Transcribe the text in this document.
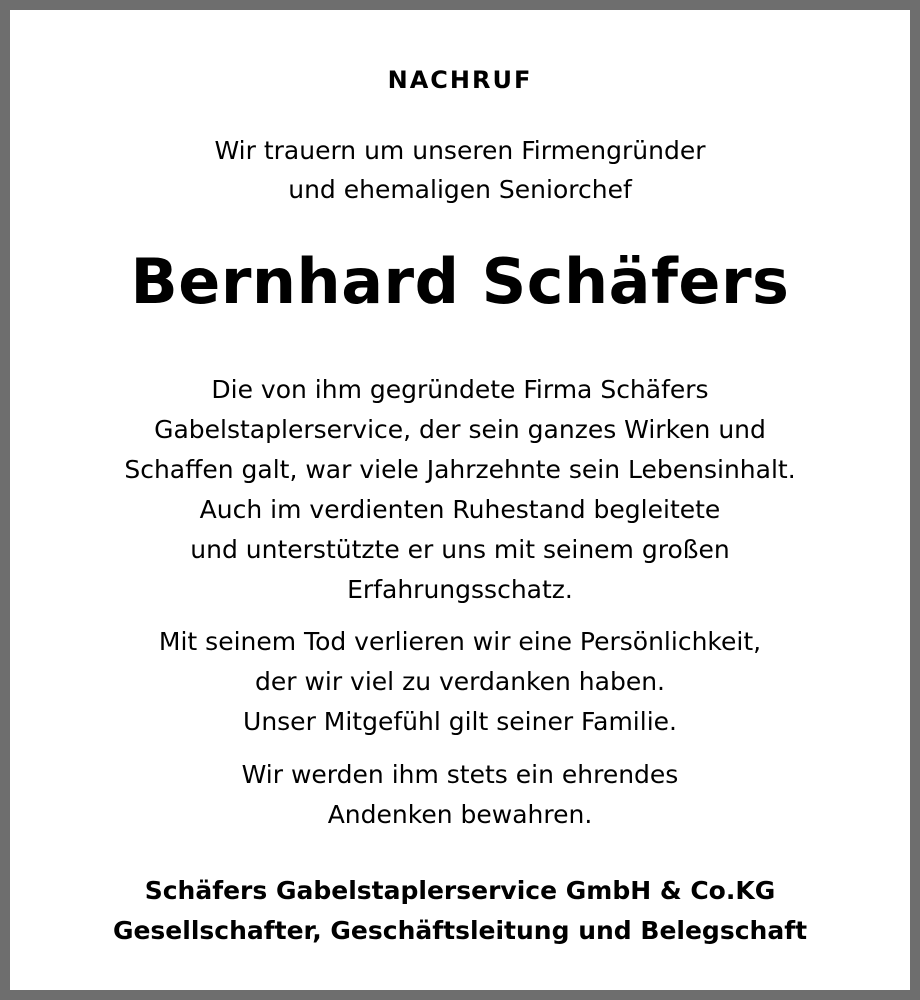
NACHRUF
Wir trauern um unseren Firmengründer
und ehemaligen Seniorchef
Bernhard Schäfers
Die von ihm gegründete Firma Schäfers
Gabelstaplerservice, der sein ganzes Wirken und
Schaffen galt, war viele Jahrzehnte sein Lebensinhalt.
Auch im verdienten Ruhestand begleitete
und unterstützte er uns mit seinem großen
Erfahrungsschatz.
Mit seinem Tod verlieren wir eine Persönlichkeit,
der wir viel zu verdanken haben.
Unser Mitgefühl gilt seiner Familie.
Wir werden ihm stets ein ehrendes
Andenken bewahren.
Schäfers Gabelstaplerservice GmbH & Co.KG
Gesellschafter, Geschäftsleitung und Belegschaft
